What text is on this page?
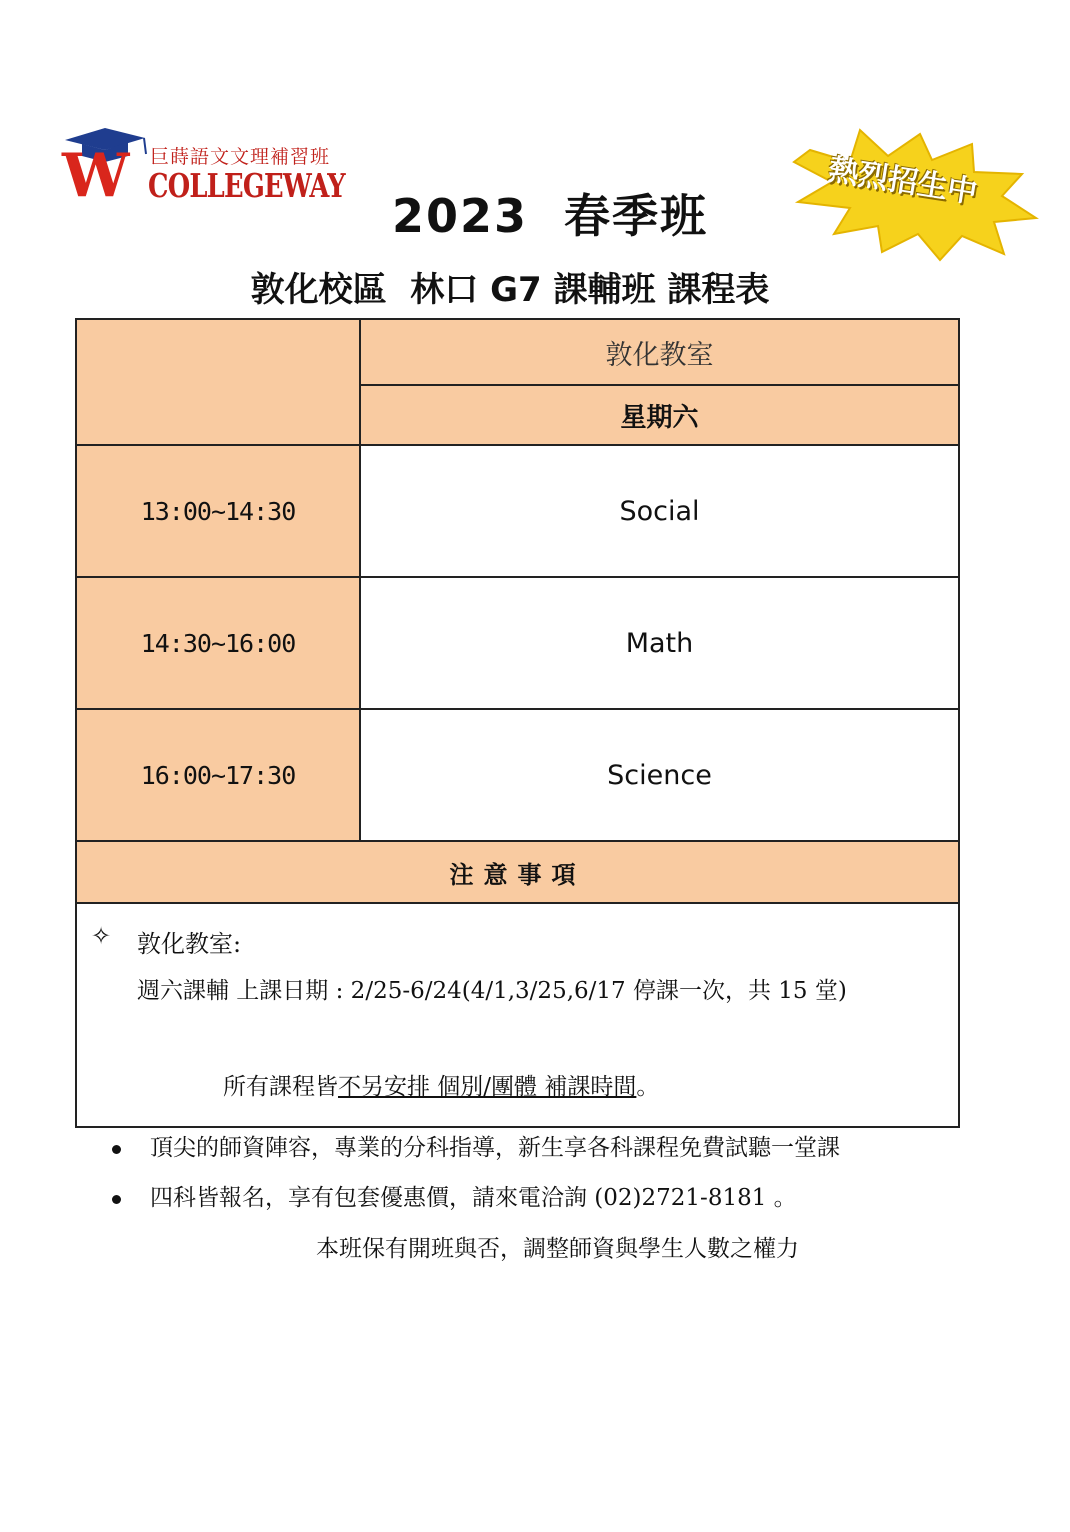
W 巨蒔語文文理補習班
COLLEGEWAY	熱烈招生中
2023  春季班
敦化校區  林口 G7 課輔班 課程表
	敦化教室
	星期六
13:00~14:30	Social
14:30~16:00	Math
16:00~17:30	Science
注意事項	

✧ 敦化教室:
週六課輔 上課日期 : 2/25-6/24(4/1,3/25,6/17 停課一次，共 15 堂)
所有課程皆不另安排 個別/團體 補課時間。	
頂尖的師資陣容，專業的分科指導，新生享各科課程免費試聽一堂課
四科皆報名，享有包套優惠價，請來電洽詢 (02)2721-8181 。
本班保有開班與否，調整師資與學生人數之權力
